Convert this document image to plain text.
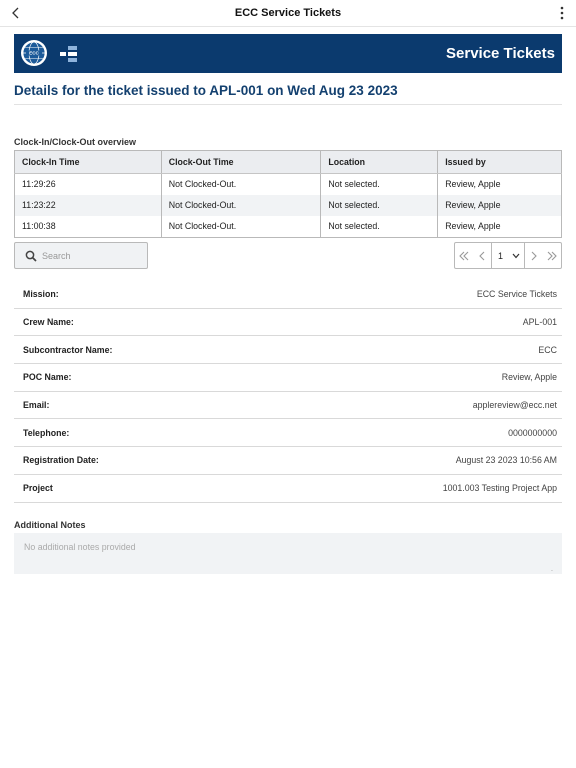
ECC Service Tickets
ECC	Service Tickets
Details for the ticket issued to APL-001 on Wed Aug 23 2023
Clock-In/Clock-Out overview
Clock-In Time	Clock-Out Time	Location	Issued by
11:29:26	Not Clocked-Out.	Not selected.	Review, Apple
11:23:22	Not Clocked-Out.	Not selected.	Review, Apple
11:00:38	Not Clocked-Out.	Not selected.	Review, Apple
Search
1
Mission:	ECC Service Tickets
Crew Name:	APL-001
Subcontractor Name:	ECC
POC Name:	Review, Apple
Email:	applereview@ecc.net
Telephone:	0000000000
Registration Date:	August 23 2023 10:56 AM
Project	1001.003 Testing Project App
Additional Notes
No additional notes provided
.
